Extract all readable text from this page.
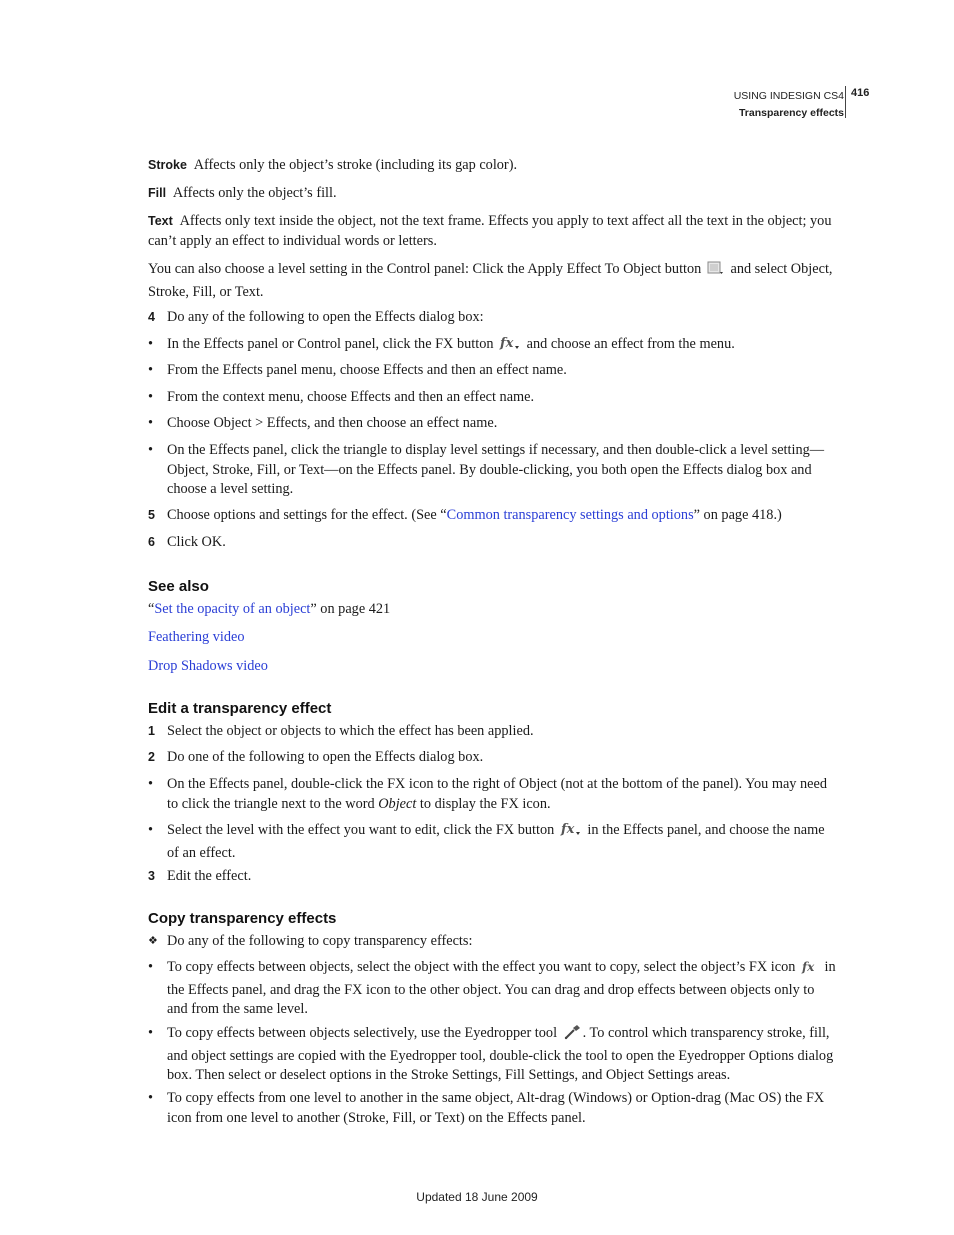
USING INDESIGN CS4
Transparency effects
416

Stroke Affects only the object’s stroke (including its gap color).

Fill Affects only the object’s fill.

Text Affects only text inside the object, not the text frame. Effects you apply to text affect all the text in the object; you can’t apply an effect to individual words or letters.

You can also choose a level setting in the Control panel: Click the Apply Effect To Object button and select Object, Stroke, Fill, or Text.

4 Do any of the following to open the Effects dialog box:
• In the Effects panel or Control panel, click the FX button fx and choose an effect from the menu.
• From the Effects panel menu, choose Effects and then an effect name.
• From the context menu, choose Effects and then an effect name.
• Choose Object > Effects, and then choose an effect name.
• On the Effects panel, click the triangle to display level settings if necessary, and then double-click a level setting—Object, Stroke, Fill, or Text—on the Effects panel. By double-clicking, you both open the Effects dialog box and choose a level setting.
5 Choose options and settings for the effect. (See “Common transparency settings and options” on page 418.)
6 Click OK.
See also

“Set the opacity of an object” on page 421

Feathering video

Drop Shadows video

Edit a transparency effect
1 Select the object or objects to which the effect has been applied.
2 Do one of the following to open the Effects dialog box.
• On the Effects panel, double-click the FX icon to the right of Object (not at the bottom of the panel). You may need to click the triangle next to the word Object to display the FX icon.
• Select the level with the effect you want to edit, click the FX button fx in the Effects panel, and choose the name of an effect.
3 Edit the effect.
Copy transparency effects
❖ Do any of the following to copy transparency effects:
• To copy effects between objects, select the object with the effect you want to copy, select the object’s FX icon fx in the Effects panel, and drag the FX icon to the other object. You can drag and drop effects between objects only to and from the same level.
• To copy effects between objects selectively, use the Eyedropper tool . To control which transparency stroke, fill, and object settings are copied with the Eyedropper tool, double-click the tool to open the Eyedropper Options dialog box. Then select or deselect options in the Stroke Settings, Fill Settings, and Object Settings areas.
• To copy effects from one level to another in the same object, Alt-drag (Windows) or Option-drag (Mac OS) the FX icon from one level to another (Stroke, Fill, or Text) on the Effects panel.
Updated 18 June 2009
